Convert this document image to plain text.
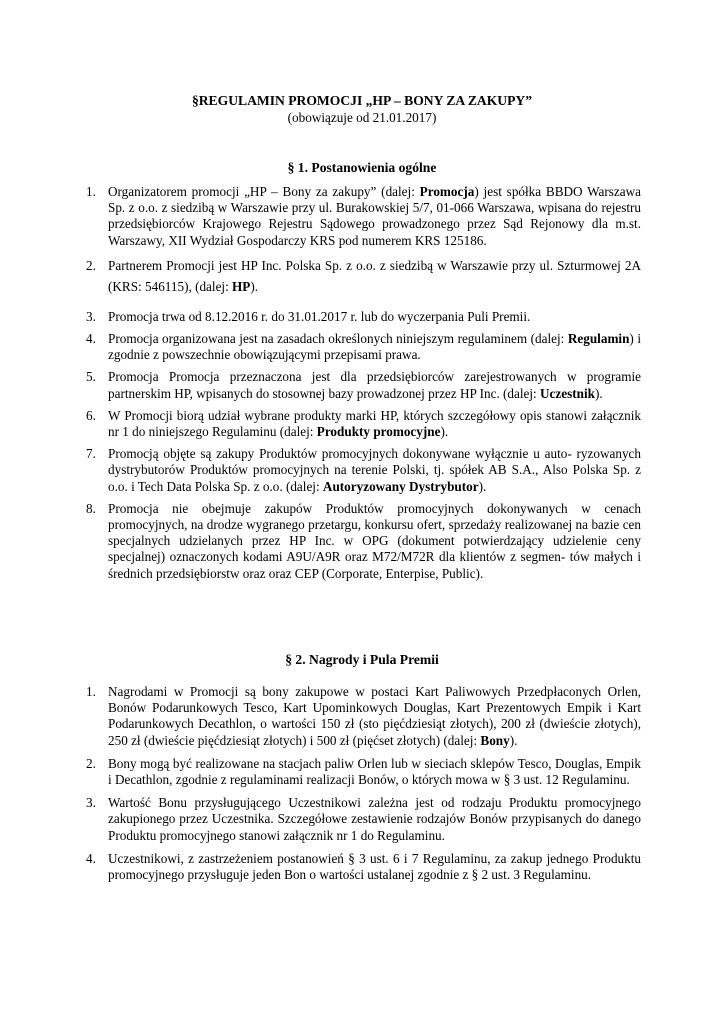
§REGULAMIN PROMOCJI „HP – BONY ZA ZAKUPY”

(obowiązuje od 21.01.2017)

§ 1. Postanowienia ogólne

1. Organizatorem promocji „HP – Bony za zakupy” (dalej: Promocja) jest spółka BBDO Warszawa Sp. z o.o. z siedzibą w Warszawie przy ul. Burakowskiej 5/7, 01-066 Warszawa, wpisana do rejestru przedsiębiorców Krajowego Rejestru Sądowego prowadzonego przez Sąd Rejonowy dla m.st. Warszawy, XII Wydział Gospodarczy KRS pod numerem KRS 125186.
2. Partnerem Promocji jest HP Inc. Polska Sp. z o.o. z siedzibą w Warszawie przy ul. Szturmowej 2A (KRS: 546115), (dalej: HP).
3. Promocja trwa od 8.12.2016 r. do 31.01.2017 r. lub do wyczerpania Puli Premii.
4. Promocja organizowana jest na zasadach określonych niniejszym regulaminem (dalej: Regulamin) i zgodnie z powszechnie obowiązującymi przepisami prawa.
5. Promocja Promocja przeznaczona jest dla przedsiębiorców zarejestrowanych w programie partnerskim HP, wpisanych do stosownej bazy prowadzonej przez HP Inc. (dalej: Uczestnik).
6. W Promocji biorą udział wybrane produkty marki HP, których szczegółowy opis stanowi załącznik nr 1 do niniejszego Regulaminu (dalej: Produkty promocyjne).
7. Promocją objęte są zakupy Produktów promocyjnych dokonywane wyłącznie u auto- ryzowanych dystrybutorów Produktów promocyjnych na terenie Polski, tj. spółek AB S.A., Also Polska Sp. z o.o. i Tech Data Polska Sp. z o.o. (dalej: Autoryzowany Dystrybutor).
8. Promocja nie obejmuje zakupów Produktów promocyjnych dokonywanych w cenach promocyjnych, na drodze wygranego przetargu, konkursu ofert, sprzedaży realizowanej na bazie cen specjalnych udzielanych przez HP Inc. w OPG (dokument potwierdzający udzielenie ceny specjalnej) oznaczonych kodami A9U/A9R oraz M72/M72R dla klientów z segmen- tów małych i średnich przedsiębiorstw oraz oraz CEP (Corporate, Enterpise, Public).

§ 2. Nagrody i Pula Premii

1. Nagrodami w Promocji są bony zakupowe w postaci Kart Paliwowych Przedpłaconych Orlen, Bonów Podarunkowych Tesco, Kart Upominkowych Douglas, Kart Prezentowych Empik i Kart Podarunkowych Decathlon, o wartości 150 zł (sto pięćdziesiąt złotych), 200 zł (dwieście złotych), 250 zł (dwieście pięćdziesiąt złotych) i 500 zł (pięćset złotych) (dalej: Bony).
2. Bony mogą być realizowane na stacjach paliw Orlen lub w sieciach sklepów Tesco, Douglas, Empik i Decathlon, zgodnie z regulaminami realizacji Bonów, o których mowa w § 3 ust. 12 Regulaminu.
3. Wartość Bonu przysługującego Uczestnikowi zależna jest od rodzaju Produktu promocyjnego zakupionego przez Uczestnika. Szczegółowe zestawienie rodzajów Bonów przypisanych do danego Produktu promocyjnego stanowi załącznik nr 1 do Regulaminu.
4. Uczestnikowi, z zastrzeżeniem postanowień § 3 ust. 6 i 7 Regulaminu, za zakup jednego Produktu promocyjnego przysługuje jeden Bon o wartości ustalanej zgodnie z § 2 ust. 3 Regulaminu.
